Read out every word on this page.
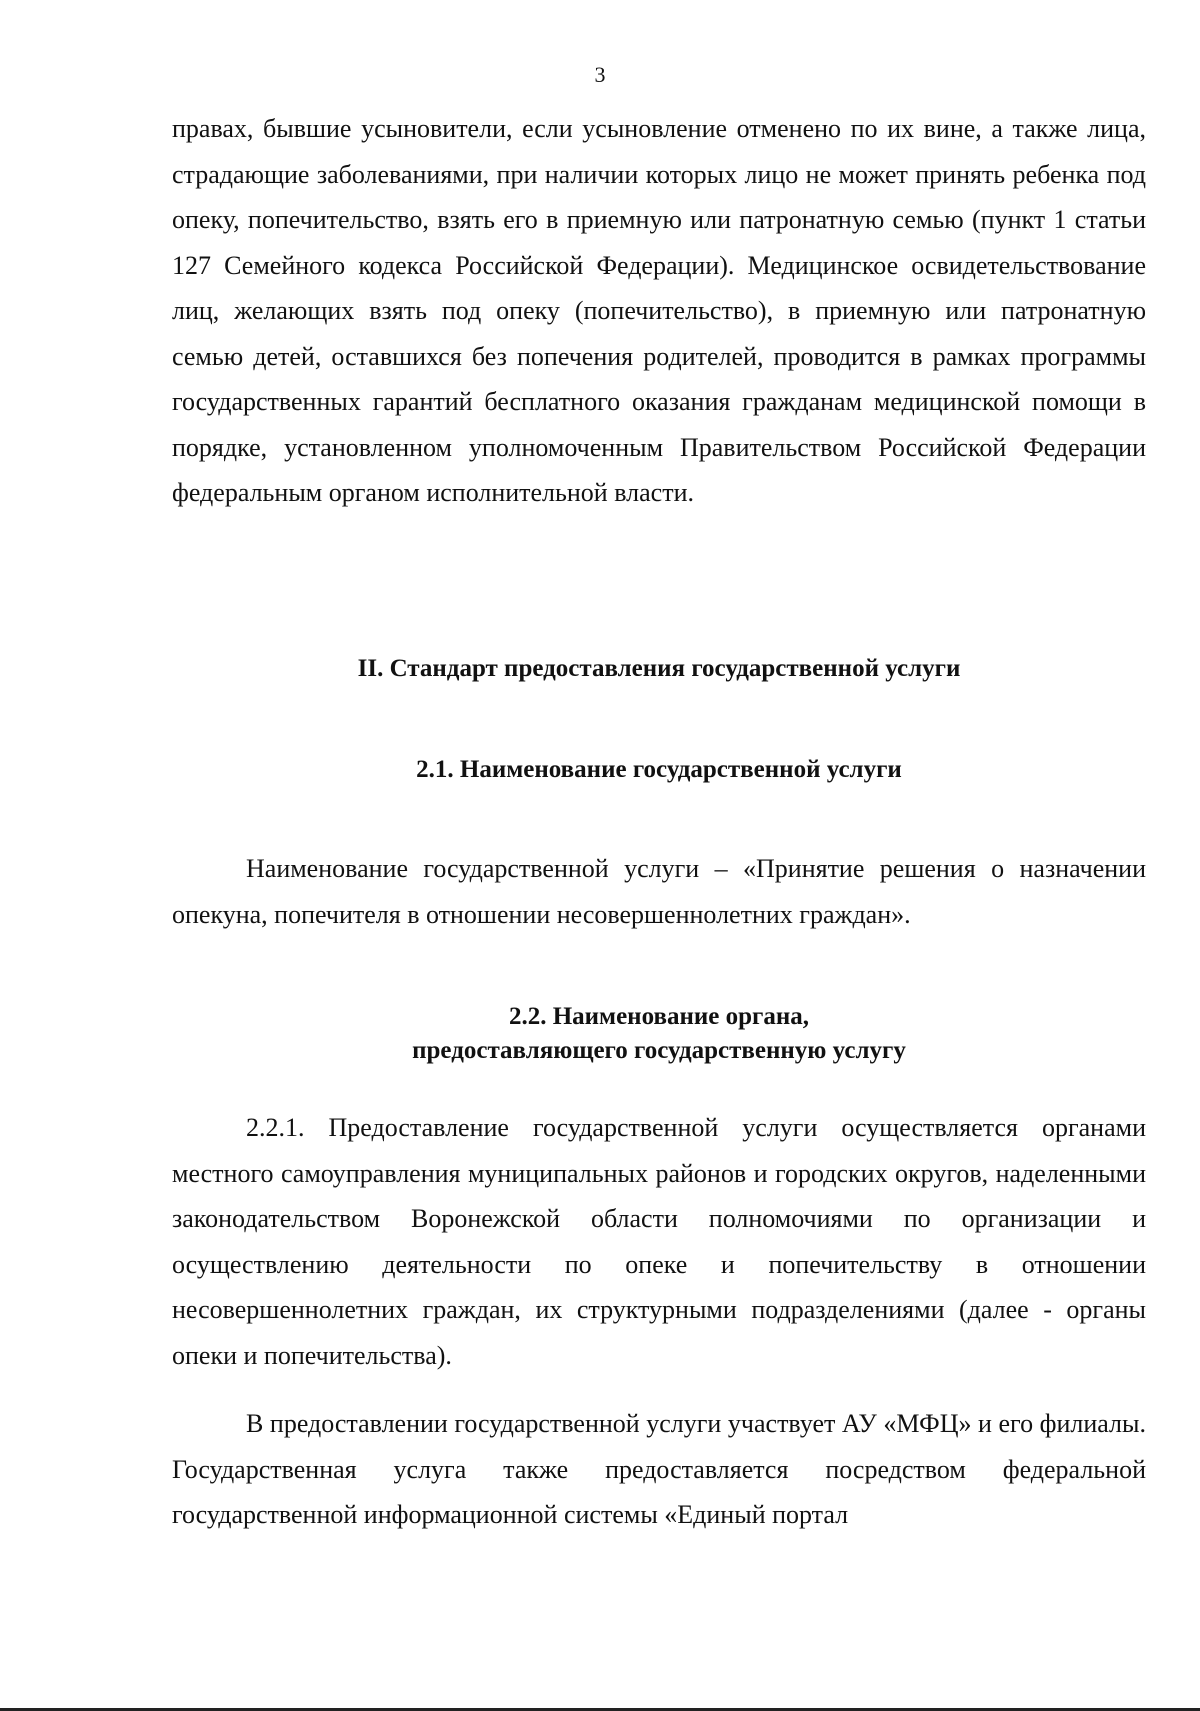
3
правах, бывшие усыновители, если усыновление отменено по их вине, а также лица, страдающие заболеваниями, при наличии которых лицо не может принять ребенка под опеку, попечительство, взять его в приемную или патронатную семью (пункт 1 статьи 127 Семейного кодекса Российской Федерации). Медицинское освидетельствование лиц, желающих взять под опеку (попечительство), в приемную или патронатную семью детей, оставшихся без попечения родителей, проводится в рамках программы государственных гарантий бесплатного оказания гражданам медицинской помощи в порядке, установленном уполномоченным Правительством Российской Федерации федеральным органом исполнительной власти.
II. Стандарт предоставления государственной услуги
2.1. Наименование государственной услуги
Наименование государственной услуги – «Принятие решения о назначении опекуна, попечителя в отношении несовершеннолетних граждан».
2.2. Наименование органа,
предоставляющего государственную услугу
2.2.1. Предоставление государственной услуги осуществляется органами местного самоуправления муниципальных районов и городских округов, наделенными законодательством Воронежской области полномочиями по организации и осуществлению деятельности по опеке и попечительству в отношении несовершеннолетних граждан, их структурными подразделениями (далее - органы опеки и попечительства).
В предоставлении государственной услуги участвует АУ «МФЦ» и его филиалы. Государственная услуга также предоставляется посредством федеральной государственной информационной системы «Единый портал
